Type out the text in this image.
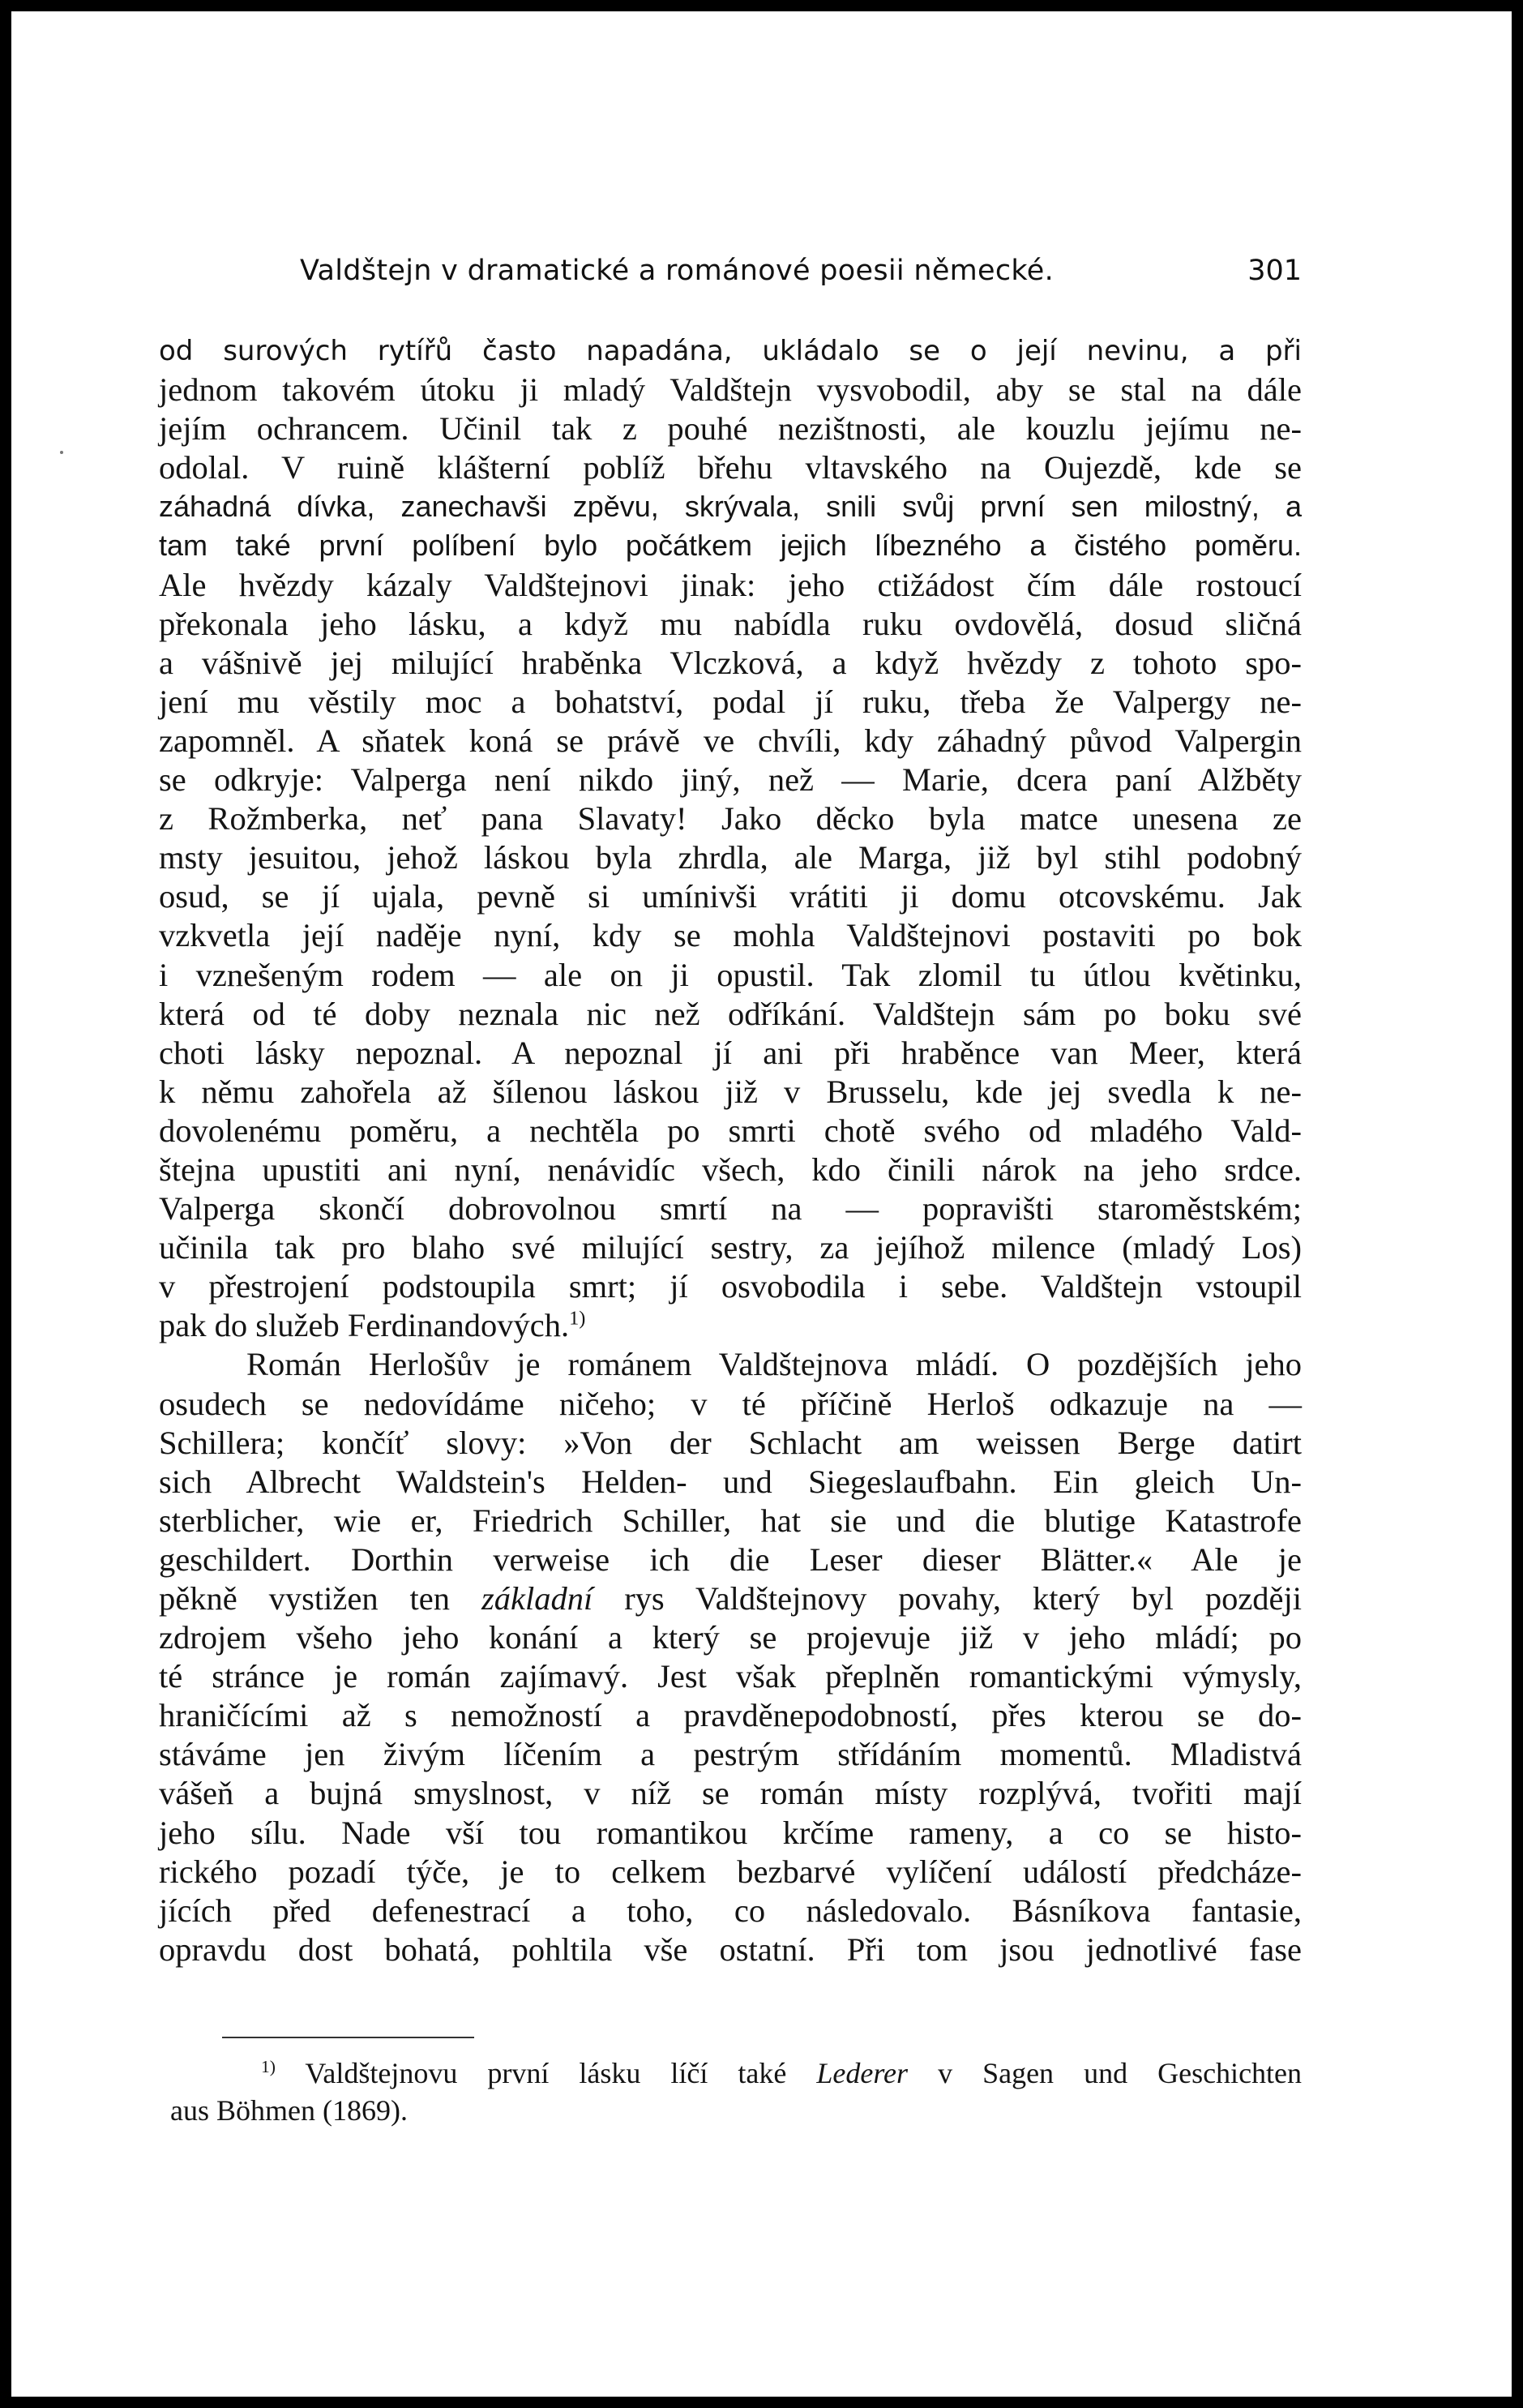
Valdštejn v dramatické a románové poesii německé.	301
od surových rytířů často napadána, ukládalo se o její nevinu, a při
jednom takovém útoku ji mladý Valdštejn vysvobodil, aby se stal na dále
jejím ochrancem. Učinil tak z pouhé nezištnosti, ale kouzlu jejímu ne-
odolal. V ruině klášterní poblíž břehu vltavského na Oujezdě, kde se
záhadná dívka, zanechavši zpěvu, skrývala, snili svůj první sen milostný, a
tam také první políbení bylo počátkem jejich líbezného a čistého poměru.
Ale hvězdy kázaly Valdštejnovi jinak: jeho ctižádost čím dále rostoucí
překonala jeho lásku, a když mu nabídla ruku ovdovělá, dosud sličná
a vášnivě jej milující hraběnka Vlczková, a když hvězdy z tohoto spo-
jení mu věstily moc a bohatství, podal jí ruku, třeba že Valpergy ne-
zapomněl. A sňatek koná se právě ve chvíli, kdy záhadný původ Valpergin
se odkryje: Valperga není nikdo jiný, než — Marie, dcera paní Alžběty
z Rožmberka, neť pana Slavaty! Jako děcko byla matce unesena ze
msty jesuitou, jehož láskou byla zhrdla, ale Marga, již byl stihl podobný
osud, se jí ujala, pevně si umínivši vrátiti ji domu otcovskému. Jak
vzkvetla její naděje nyní, kdy se mohla Valdštejnovi postaviti po bok
i vznešeným rodem — ale on ji opustil. Tak zlomil tu útlou květinku,
která od té doby neznala nic než odříkání. Valdštejn sám po boku své
choti lásky nepoznal. A nepoznal jí ani při hraběnce van Meer, která
k němu zahořela až šílenou láskou již v Brusselu, kde jej svedla k ne-
dovolenému poměru, a nechtěla po smrti chotě svého od mladého Vald-
štejna upustiti ani nyní, nenávidíc všech, kdo činili nárok na jeho srdce.
Valperga skončí dobrovolnou smrtí na — popravišti staroměstském;
učinila tak pro blaho své milující sestry, za jejíhož milence (mladý Los)
v přestrojení podstoupila smrt; jí osvobodila i sebe. Valdštejn vstoupil
pak do služeb Ferdinandových.$^{1)}$
Román Herlošův je románem Valdštejnova mládí. O pozdějších jeho
osudech se nedovídáme ničeho; v té příčině Herloš odkazuje na —
Schillera; končíť slovy: »Von der Schlacht am weissen Berge datirt
sich Albrecht Waldstein's Helden- und Siegeslaufbahn. Ein gleich Un-
sterblicher, wie er, Friedrich Schiller, hat sie und die blutige Katastrofe
geschildert. Dorthin verweise ich die Leser dieser Blätter.« Ale je
pěkně vystižen ten základní rys Valdštejnovy povahy, který byl později
zdrojem všeho jeho konání a který se projevuje již v jeho mládí; po
té stránce je román zajímavý. Jest však přeplněn romantickými výmysly,
hraničícími až s nemožností a pravděnepodobností, přes kterou se do-
stáváme jen živým líčením a pestrým střídáním momentů. Mladistvá
vášeň a bujná smyslnost, v níž se román místy rozplývá, tvořiti mají
jeho sílu. Nade vší tou romantikou krčíme rameny, a co se histo-
rického pozadí týče, je to celkem bezbarvé vylíčení událostí předcháze-
jících před defenestrací a toho, co následovalo. Básníkova fantasie,
opravdu dost bohatá, pohltila vše ostatní. Při tom jsou jednotlivé fase
$^{1)}$ Valdštejnovu první lásku líčí také Lederer v Sagen und Geschichten
aus Böhmen (1869).
